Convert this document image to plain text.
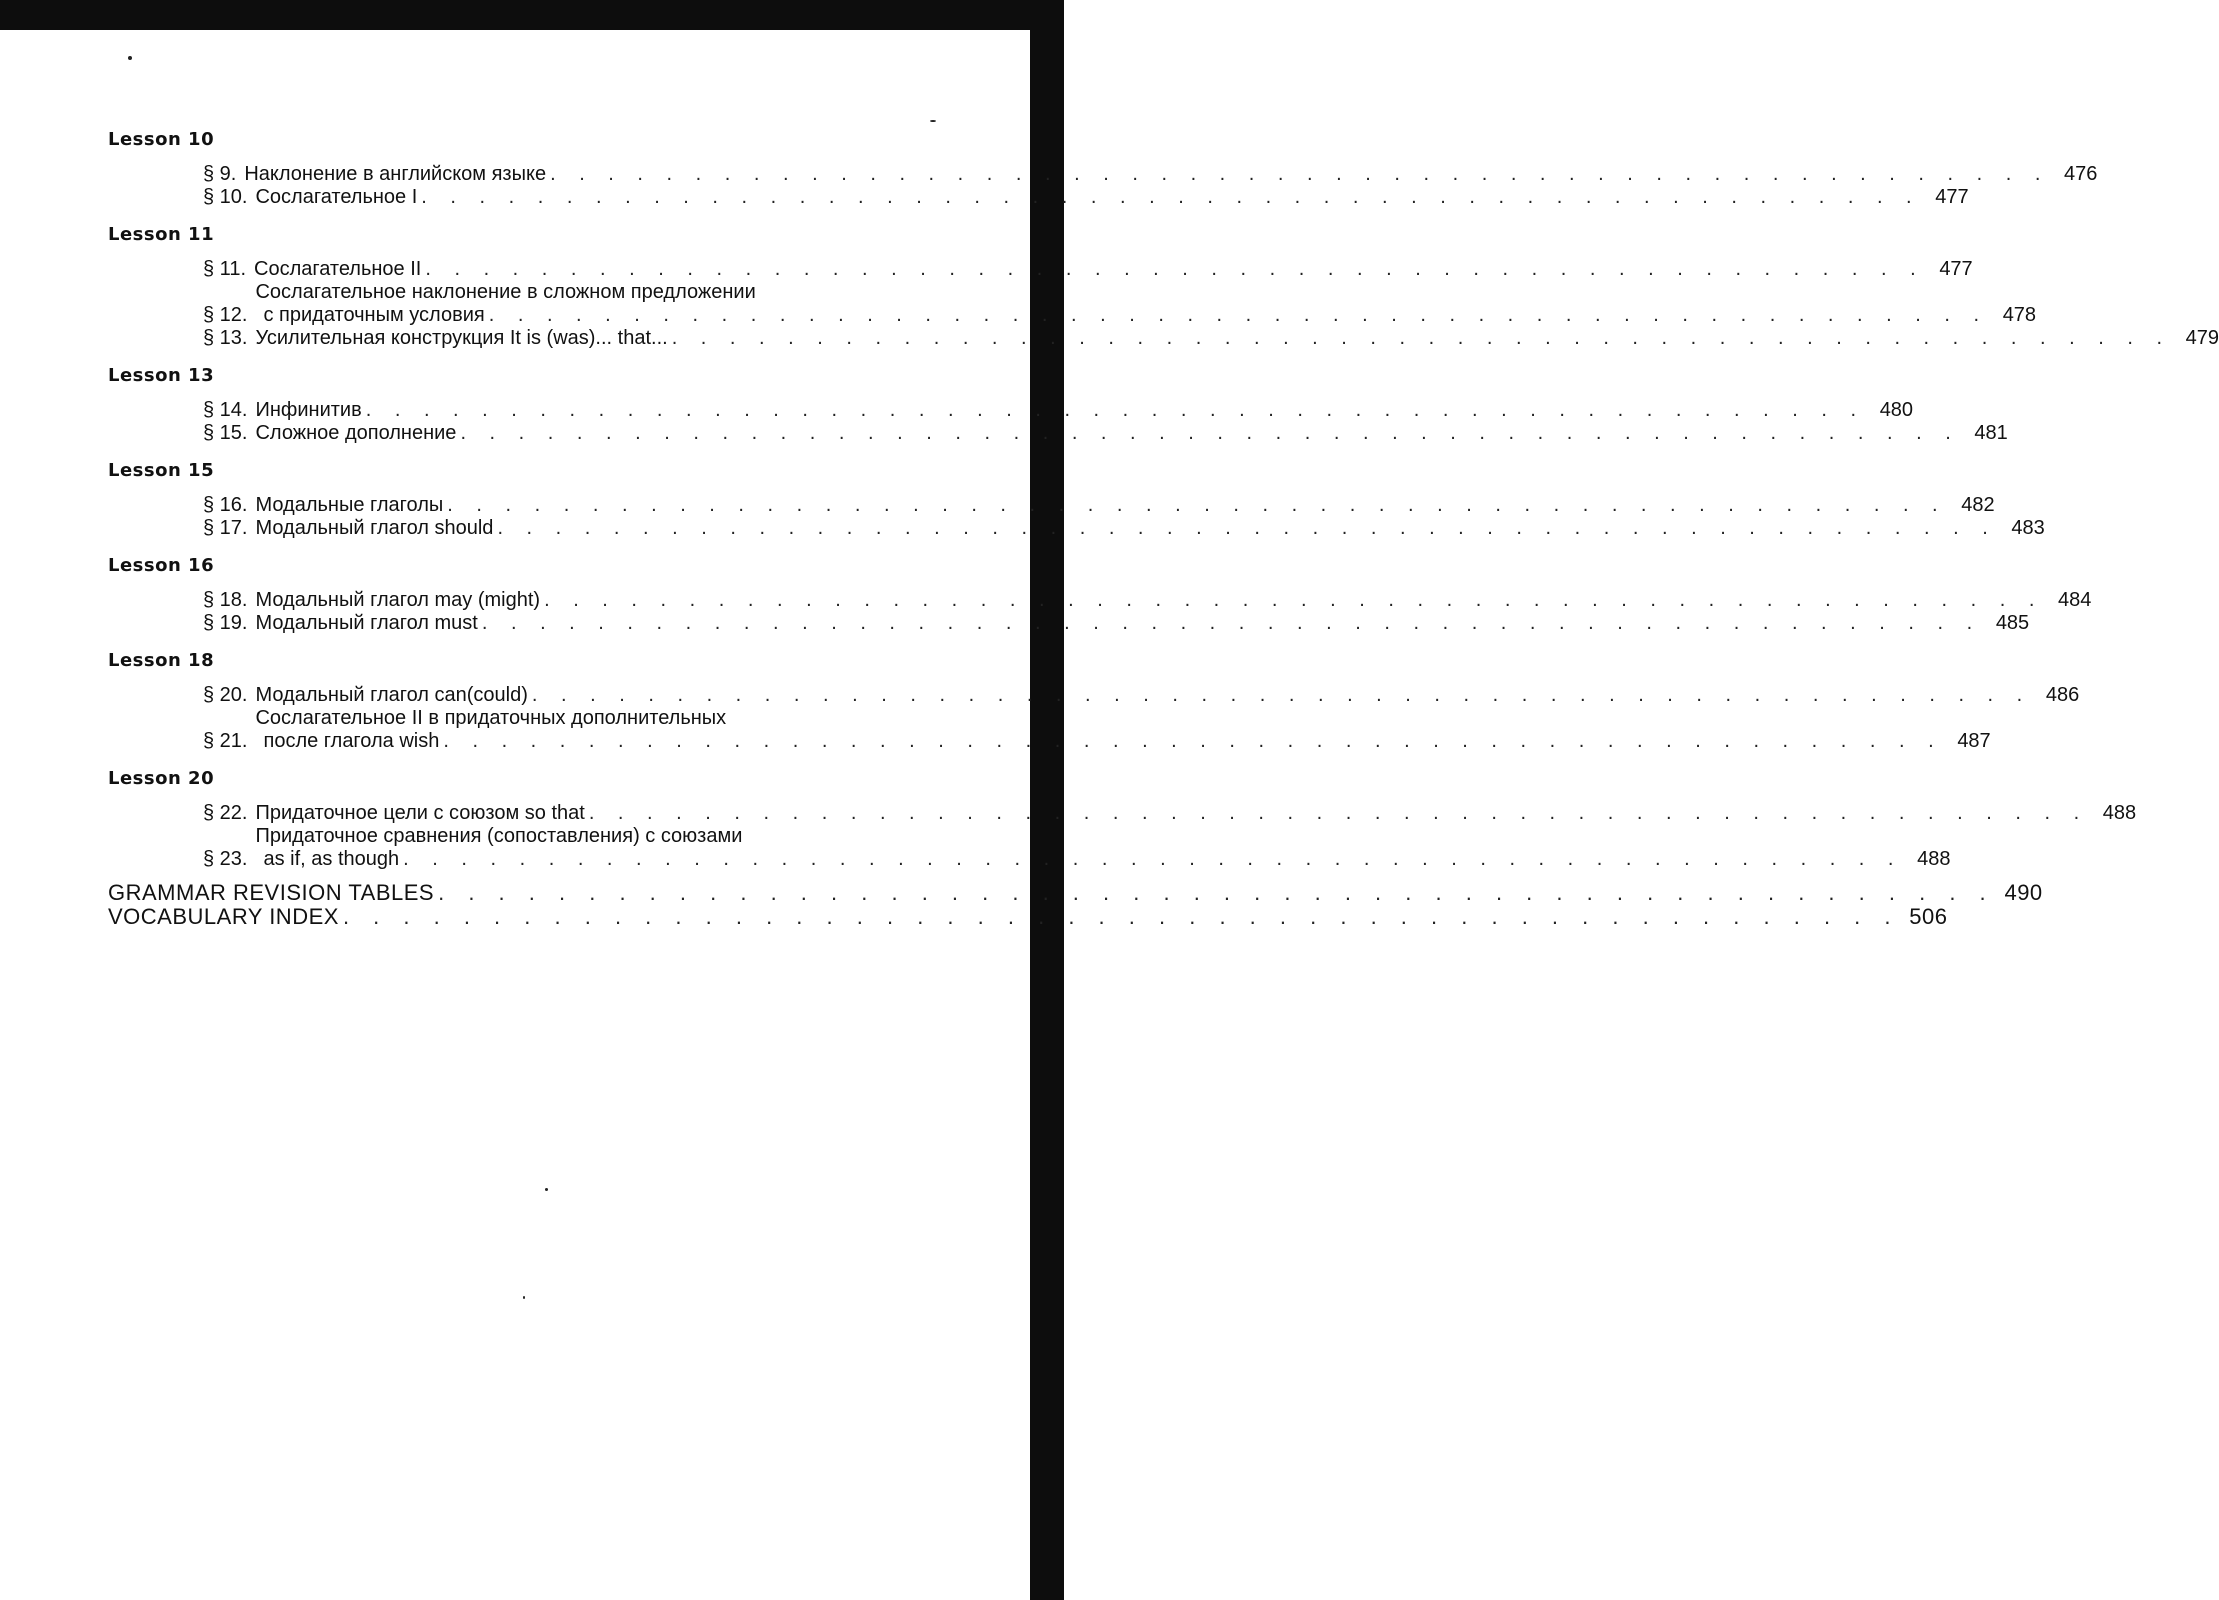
Lesson 10
§ 9. Наклонение в английском языке . . . . . . . . . . . . . . . . . . . . . . . . . . . . . . . . . . . . . . . . . . . . . . . . . . . . 476
§ 10. Сослагательное I . . . . . . . . . . . . . . . . . . . . . . . . . . . . . . . . . . . . . . . . . . . . . . . . . . . . 477
Lesson 11
§ 11. Сослагательное II . . . . . . . . . . . . . . . . . . . . . . . . . . . . . . . . . . . . . . . . . . . . . . . . . . . . 477
§ 12.
Сослагательное наклонение в сложном предложении
с придаточным условия . . . . . . . . . . . . . . . . . . . . . . . . . . . . . . . . . . . . . . . . . . . . . . . . . . . . 478
§ 13. Усилительная конструкция It is (was)... that... . . . . . . . . . . . . . . . . . . . . . . . . . . . . . . . . . . . . . . . . . . . . . . . . . . . . 479
Lesson 13
§ 14. Инфинитив . . . . . . . . . . . . . . . . . . . . . . . . . . . . . . . . . . . . . . . . . . . . . . . . . . . . 480
§ 15. Сложное дополнение . . . . . . . . . . . . . . . . . . . . . . . . . . . . . . . . . . . . . . . . . . . . . . . . . . . . 481
Lesson 15
§ 16. Модальные глаголы . . . . . . . . . . . . . . . . . . . . . . . . . . . . . . . . . . . . . . . . . . . . . . . . . . . . 482
§ 17. Модальный глагол should . . . . . . . . . . . . . . . . . . . . . . . . . . . . . . . . . . . . . . . . . . . . . . . . . . . . 483
Lesson 16
§ 18. Модальный глагол may (might) . . . . . . . . . . . . . . . . . . . . . . . . . . . . . . . . . . . . . . . . . . . . . . . . . . . . 484
§ 19. Модальный глагол must . . . . . . . . . . . . . . . . . . . . . . . . . . . . . . . . . . . . . . . . . . . . . . . . . . . . 485
Lesson 18
§ 20. Модальный глагол can(could) . . . . . . . . . . . . . . . . . . . . . . . . . . . . . . . . . . . . . . . . . . . . . . . . . . . . 486
§ 21.
Сослагательное II в придаточных дополнительных
после глагола wish . . . . . . . . . . . . . . . . . . . . . . . . . . . . . . . . . . . . . . . . . . . . . . . . . . . . 487
Lesson 20
§ 22. Придаточное цели с союзом so that . . . . . . . . . . . . . . . . . . . . . . . . . . . . . . . . . . . . . . . . . . . . . . . . . . . . 488
§ 23.
Придаточное сравнения (сопоставления) с союзами
as if, as though . . . . . . . . . . . . . . . . . . . . . . . . . . . . . . . . . . . . . . . . . . . . . . . . . . . . 488
GRAMMAR REVISION TABLES . . . . . . . . . . . . . . . . . . . . . . . . . . . . . . . . . . . . . . . . . . . . . . . . . . . . 490
VOCABULARY INDEX . . . . . . . . . . . . . . . . . . . . . . . . . . . . . . . . . . . . . . . . . . . . . . . . . . . . 506
